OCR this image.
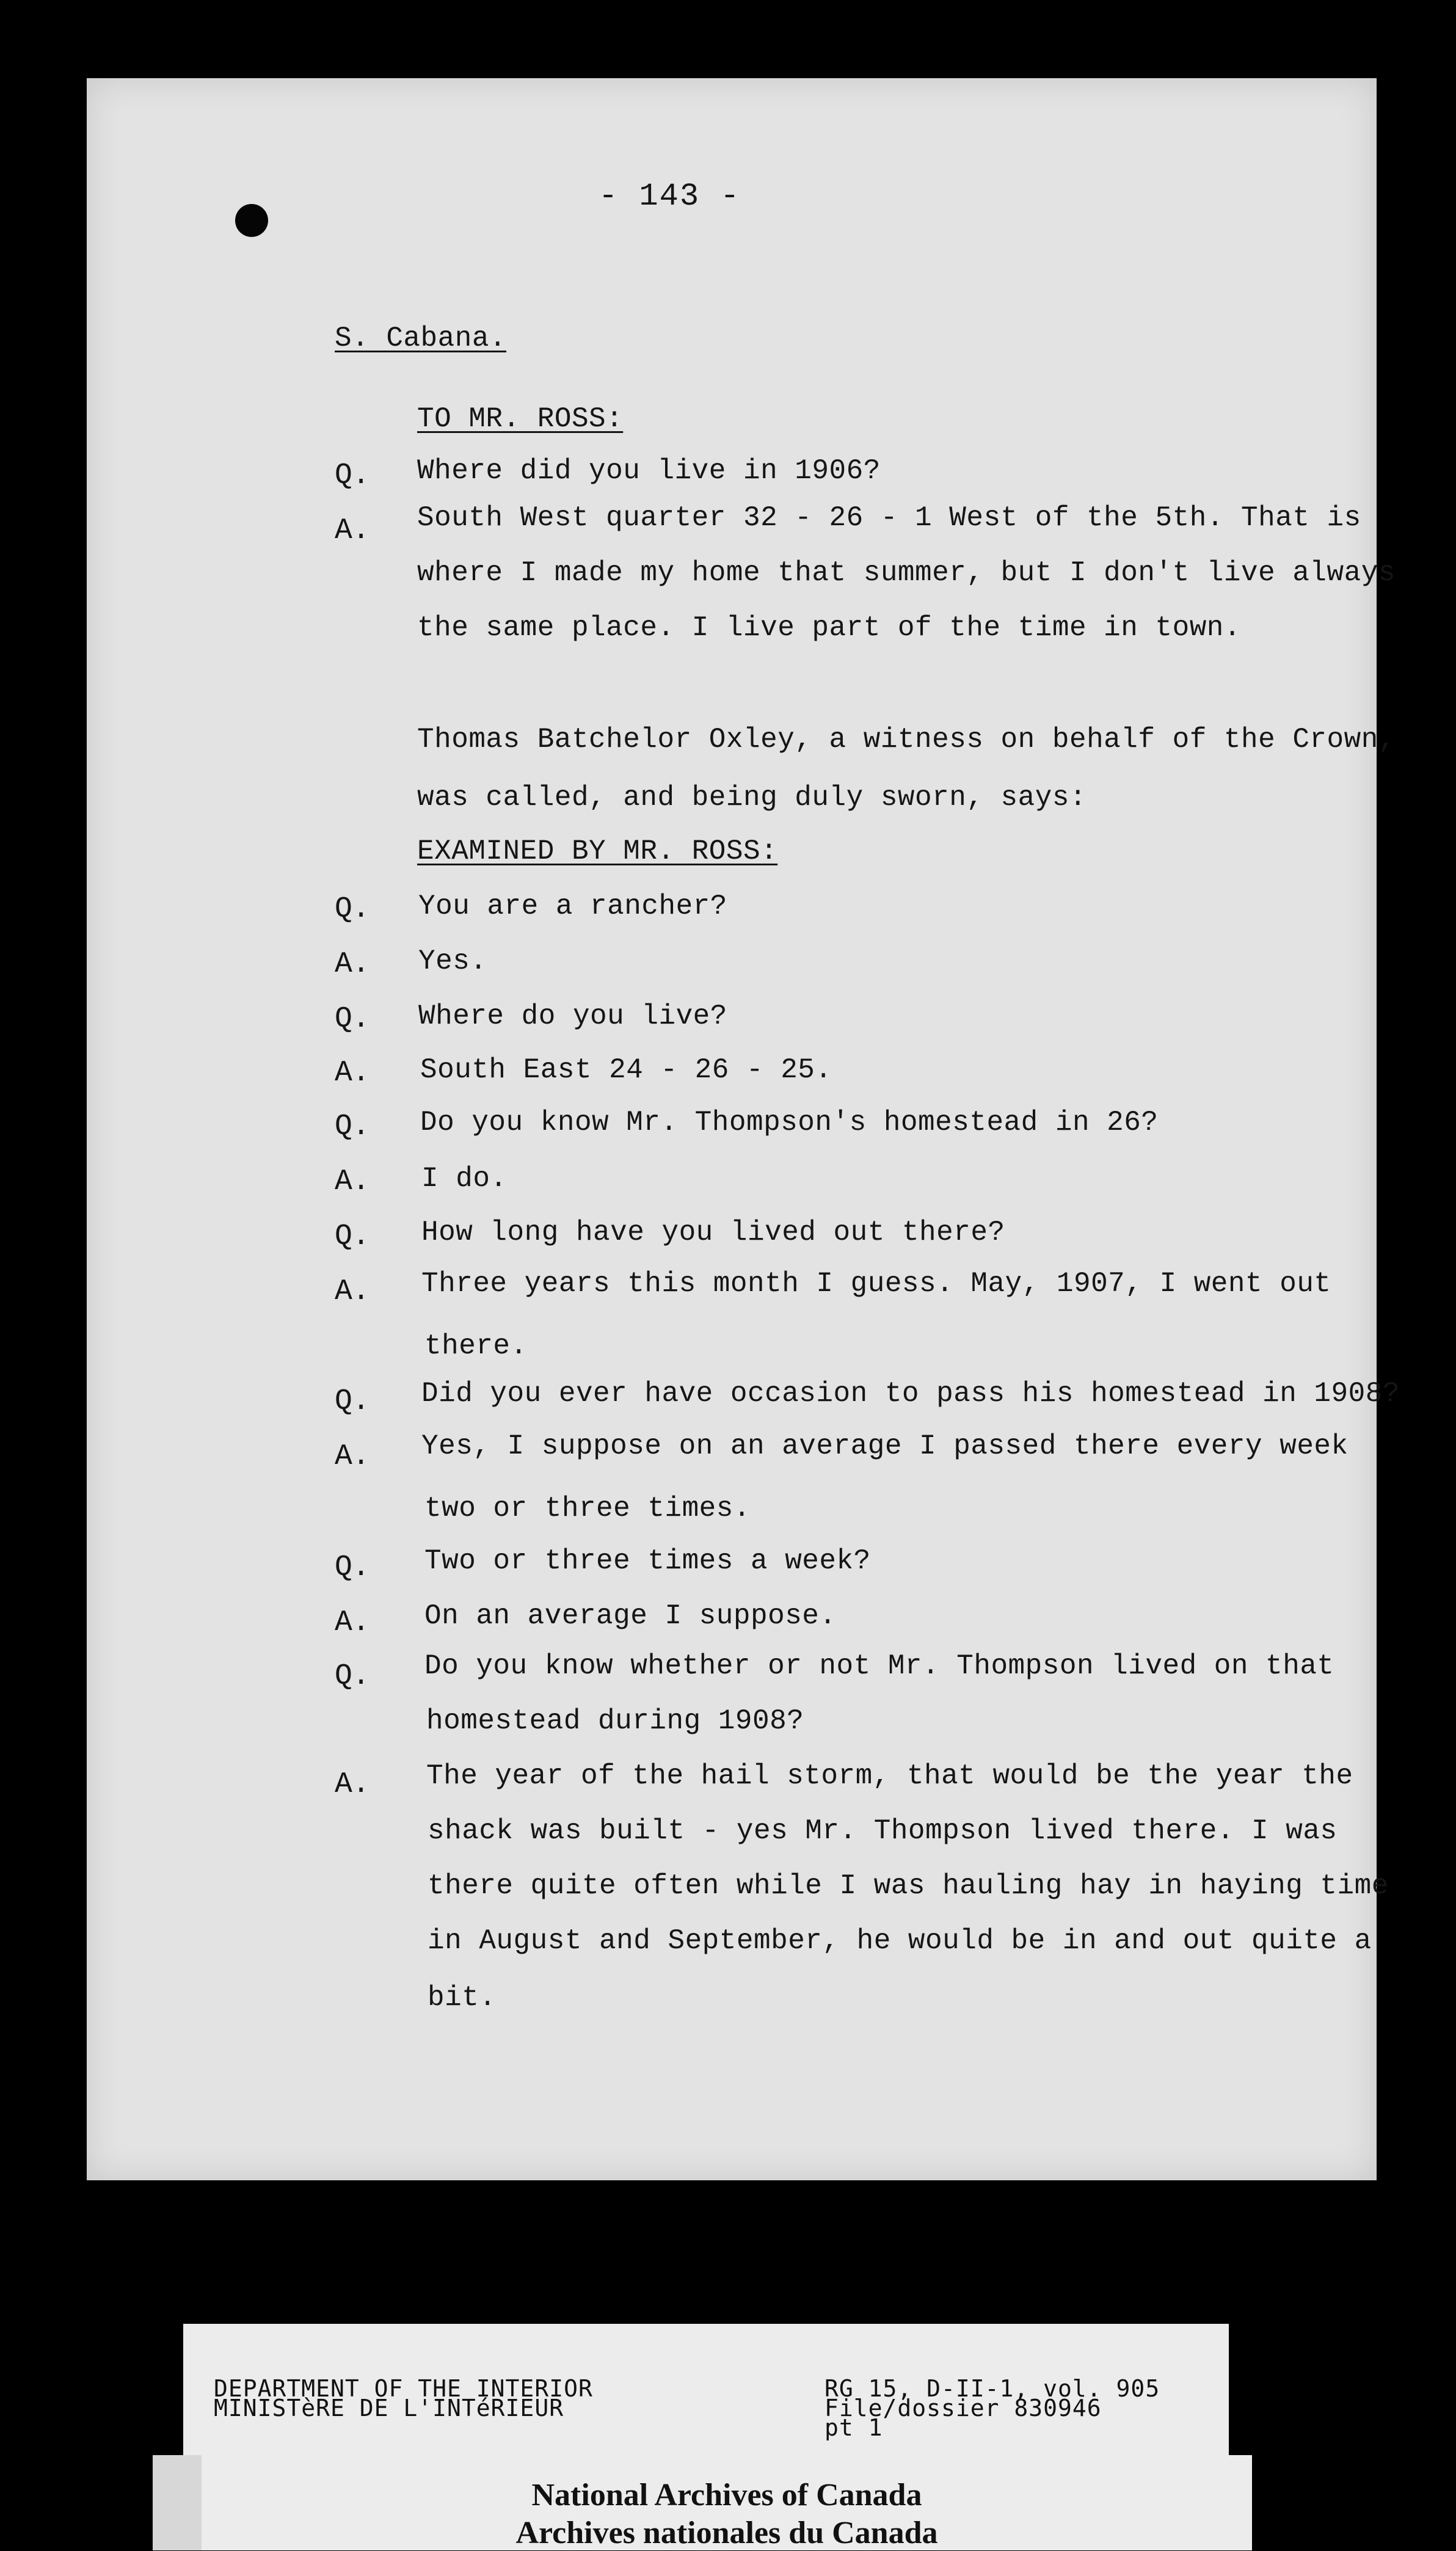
- 143 -
S. Cabana.
TO MR. ROSS:
Q. Where did you live in 1906?
A. South West quarter 32 - 26 - 1 West of the 5th. That is
where I made my home that summer, but I don't live always
the same place. I live part of the time in town.
Thomas Batchelor Oxley, a witness on behalf of the Crown,
was called, and being duly sworn, says:
EXAMINED BY MR. ROSS:
Q. You are a rancher?
A. Yes.
Q. Where do you live?
A. South East 24 - 26 - 25.
Q. Do you know Mr. Thompson's homestead in 26?
A. I do.
Q. How long have you lived out there?
A. Three years this month I guess. May, 1907, I went out
there.
Q. Did you ever have occasion to pass his homestead in 1908?
A. Yes, I suppose on an average I passed there every week
two or three times.
Q. Two or three times a week?
A. On an average I suppose.
Q. Do you know whether or not Mr. Thompson lived on that
homestead during 1908?
A. The year of the hail storm, that would be the year the
shack was built - yes Mr. Thompson lived there. I was
there quite often while I was hauling hay in haying time
in August and September, he would be in and out quite a
bit.
DEPARTMENT OF THE INTERIOR
MINISTèRE DE L'INTéRIEUR
RG 15, D-II-1, vol. 905
File/dossier 830946
pt 1
National Archives of Canada
Archives nationales du Canada
